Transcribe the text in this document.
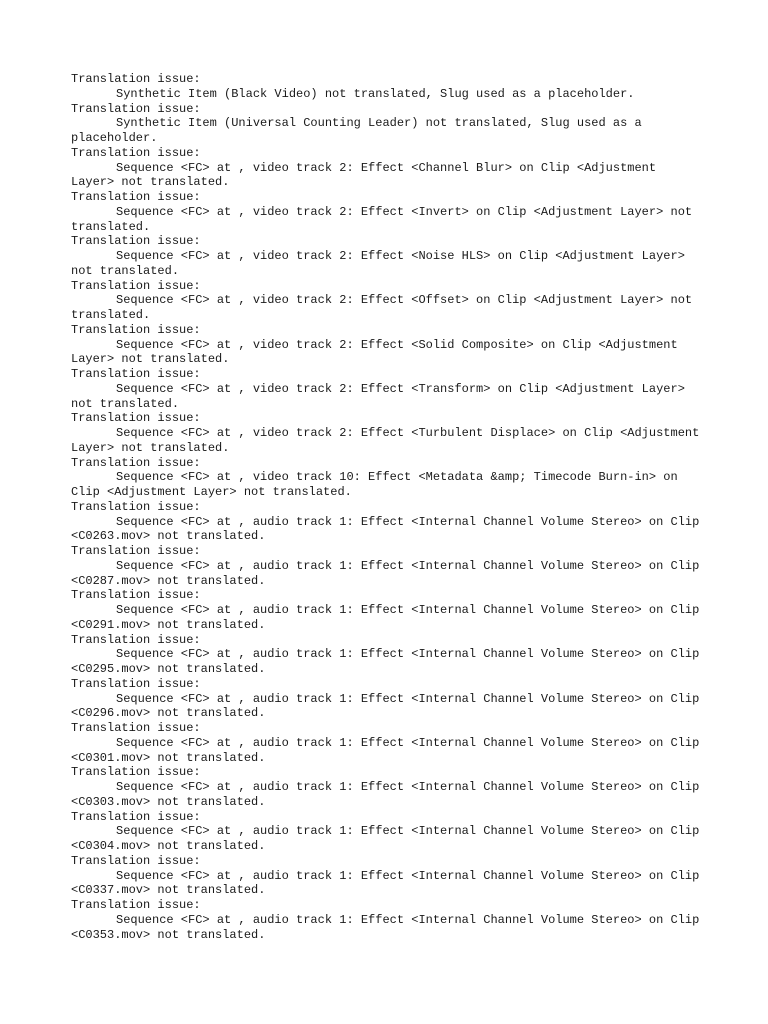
Translation issue:
Synthetic Item (Black Video) not translated, Slug used as a placeholder.
Translation issue:
Synthetic Item (Universal Counting Leader) not translated, Slug used as a placeholder.
Translation issue:
Sequence <FC> at , video track 2: Effect <Channel Blur> on Clip <Adjustment Layer> not translated.
Translation issue:
Sequence <FC> at , video track 2: Effect <Invert> on Clip <Adjustment Layer> not translated.
Translation issue:
Sequence <FC> at , video track 2: Effect <Noise HLS> on Clip <Adjustment Layer> not translated.
Translation issue:
Sequence <FC> at , video track 2: Effect <Offset> on Clip <Adjustment Layer> not translated.
Translation issue:
Sequence <FC> at , video track 2: Effect <Solid Composite> on Clip <Adjustment Layer> not translated.
Translation issue:
Sequence <FC> at , video track 2: Effect <Transform> on Clip <Adjustment Layer> not translated.
Translation issue:
Sequence <FC> at , video track 2: Effect <Turbulent Displace> on Clip <Adjustment Layer> not translated.
Translation issue:
Sequence <FC> at , video track 10: Effect <Metadata &amp; Timecode Burn-in> on Clip <Adjustment Layer> not translated.
Translation issue:
Sequence <FC> at , audio track 1: Effect <Internal Channel Volume Stereo> on Clip <C0263.mov> not translated.
Translation issue:
Sequence <FC> at , audio track 1: Effect <Internal Channel Volume Stereo> on Clip <C0287.mov> not translated.
Translation issue:
Sequence <FC> at , audio track 1: Effect <Internal Channel Volume Stereo> on Clip <C0291.mov> not translated.
Translation issue:
Sequence <FC> at , audio track 1: Effect <Internal Channel Volume Stereo> on Clip <C0295.mov> not translated.
Translation issue:
Sequence <FC> at , audio track 1: Effect <Internal Channel Volume Stereo> on Clip <C0296.mov> not translated.
Translation issue:
Sequence <FC> at , audio track 1: Effect <Internal Channel Volume Stereo> on Clip <C0301.mov> not translated.
Translation issue:
Sequence <FC> at , audio track 1: Effect <Internal Channel Volume Stereo> on Clip <C0303.mov> not translated.
Translation issue:
Sequence <FC> at , audio track 1: Effect <Internal Channel Volume Stereo> on Clip <C0304.mov> not translated.
Translation issue:
Sequence <FC> at , audio track 1: Effect <Internal Channel Volume Stereo> on Clip <C0337.mov> not translated.
Translation issue:
Sequence <FC> at , audio track 1: Effect <Internal Channel Volume Stereo> on Clip <C0353.mov> not translated.
